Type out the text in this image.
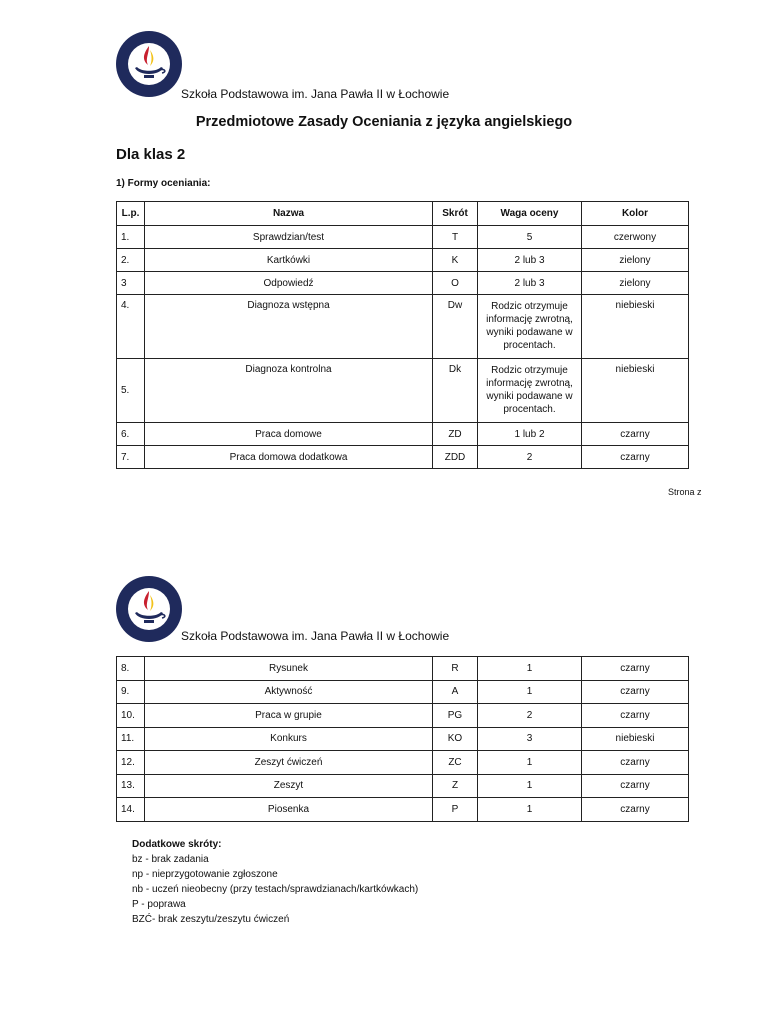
Szkoła Podstawowa im. Jana Pawła II w Łochowie
Przedmiotowe Zasady Oceniania z języka angielskiego
Dla klas 2
1) Formy oceniania:
L.p.	Nazwa	Skrót	Waga oceny	Kolor
1.	Sprawdzian/test	T	5	czerwony
2.	Kartkówki	K	2 lub 3	zielony
3	Odpowiedź	O	2 lub 3	zielony
4.	Diagnoza wstępna	Dw	Rodzic otrzymuje informację zwrotną, wyniki podawane w procentach.	niebieski
5.	Diagnoza kontrolna	Dk	Rodzic otrzymuje informację zwrotną, wyniki podawane w procentach.	niebieski
6.	Praca domowe	ZD	1 lub 2	czarny
7.	Praca domowa dodatkowa	ZDD	2	czarny
Strona z
Szkoła Podstawowa im. Jana Pawła II w Łochowie
8.	Rysunek	R	1	czarny
9.	Aktywność	A	1	czarny
10.	Praca w grupie	PG	2	czarny
11.	Konkurs	KO	3	niebieski
12.	Zeszyt ćwiczeń	ZC	1	czarny
13.	Zeszyt	Z	1	czarny
14.	Piosenka	P	1	czarny
Dodatkowe skróty:
bz - brak zadania
np - nieprzygotowanie zgłoszone
nb - uczeń nieobecny (przy testach/sprawdzianach/kartkówkach)
P - poprawa
BZĆ- brak zeszytu/zeszytu ćwiczeń
